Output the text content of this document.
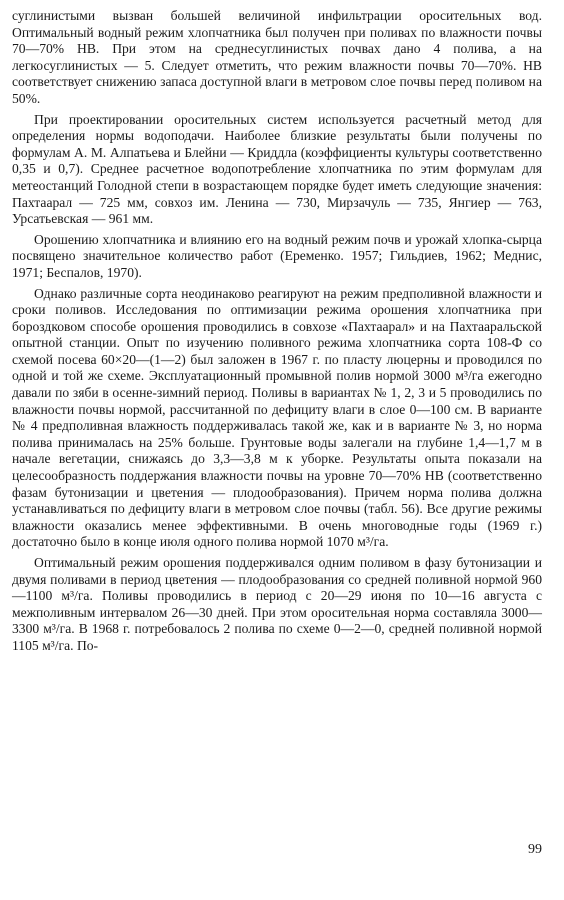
суглинистыми вызван большей величиной инфильтрации оросительных вод. Оптимальный водный режим хлопчатника был получен при поливах по влажности почвы 70—70% НВ. При этом на среднесуглинистых почвах дано 4 полива, а на легкосуглинистых — 5. Следует отметить, что режим влажности почвы 70—70%. НВ соответствует снижению запаса доступной влаги в метровом слое почвы перед поливом на 50%.

При проектировании оросительных систем используется расчетный метод для определения нормы водоподачи. Наиболее близкие результаты были получены по формулам А. М. Алпатьева и Блейни — Криддла (коэффициенты культуры соответственно 0,35 и 0,7). Среднее расчетное водопотребление хлопчатника по этим формулам для метеостанций Голодной степи в возрастающем порядке будет иметь следующие значения: Пахтаарал — 725 мм, совхоз им. Ленина — 730, Мирзачуль — 735, Янгиер — 763, Урсатьевская — 961 мм.

Орошению хлопчатника и влиянию его на водный режим почв и урожай хлопка-сырца посвящено значительное количество работ (Еременко. 1957; Гильдиев, 1962; Меднис, 1971; Беспалов, 1970).

Однако различные сорта неодинаково реагируют на режим предполивной влажности и сроки поливов. Исследования по оптимизации режима орошения хлопчатника при бороздковом способе орошения проводились в совхозе «Пахтаарал» и на Пахтааральской опытной станции. Опыт по изучению поливного режима хлопчатника сорта 108-Ф со схемой посева 60×20—(1—2) был заложен в 1967 г. по пласту люцерны и проводился по одной и той же схеме. Эксплуатационный промывной полив нормой 3000 м³/га ежегодно давали по зяби в осенне-зимний период. Поливы в вариантах № 1, 2, 3 и 5 проводились по влажности почвы нормой, рассчитанной по дефициту влаги в слое 0—100 см. В варианте № 4 предполивная влажность поддерживалась такой же, как и в варианте № 3, но норма полива принималась на 25% больше. Грунтовые воды залегали на глубине 1,4—1,7 м в начале вегетации, снижаясь до 3,3—3,8 м к уборке. Результаты опыта показали на целесообразность поддержания влажности почвы на уровне 70—70% НВ (соответственно фазам бутонизации и цветения — плодообразования). Причем норма полива должна устанавливаться по дефициту влаги в метровом слое почвы (табл. 56). Все другие режимы влажности оказались менее эффективными. В очень многоводные годы (1969 г.) достаточно было в конце июля одного полива нормой 1070 м³/га.

Оптимальный режим орошения поддерживался одним поливом в фазу бутонизации и двумя поливами в период цветения — плодообразования со средней поливной нормой 960—1100 м³/га. Поливы проводились в период с 20—29 июня по 10—16 августа с межполивным интервалом 26—30 дней. При этом оросительная норма составляла 3000—3300 м³/га. В 1968 г. потребовалось 2 полива по схеме 0—2—0, средней поливной нормой 1105 м³/га. По-

99
